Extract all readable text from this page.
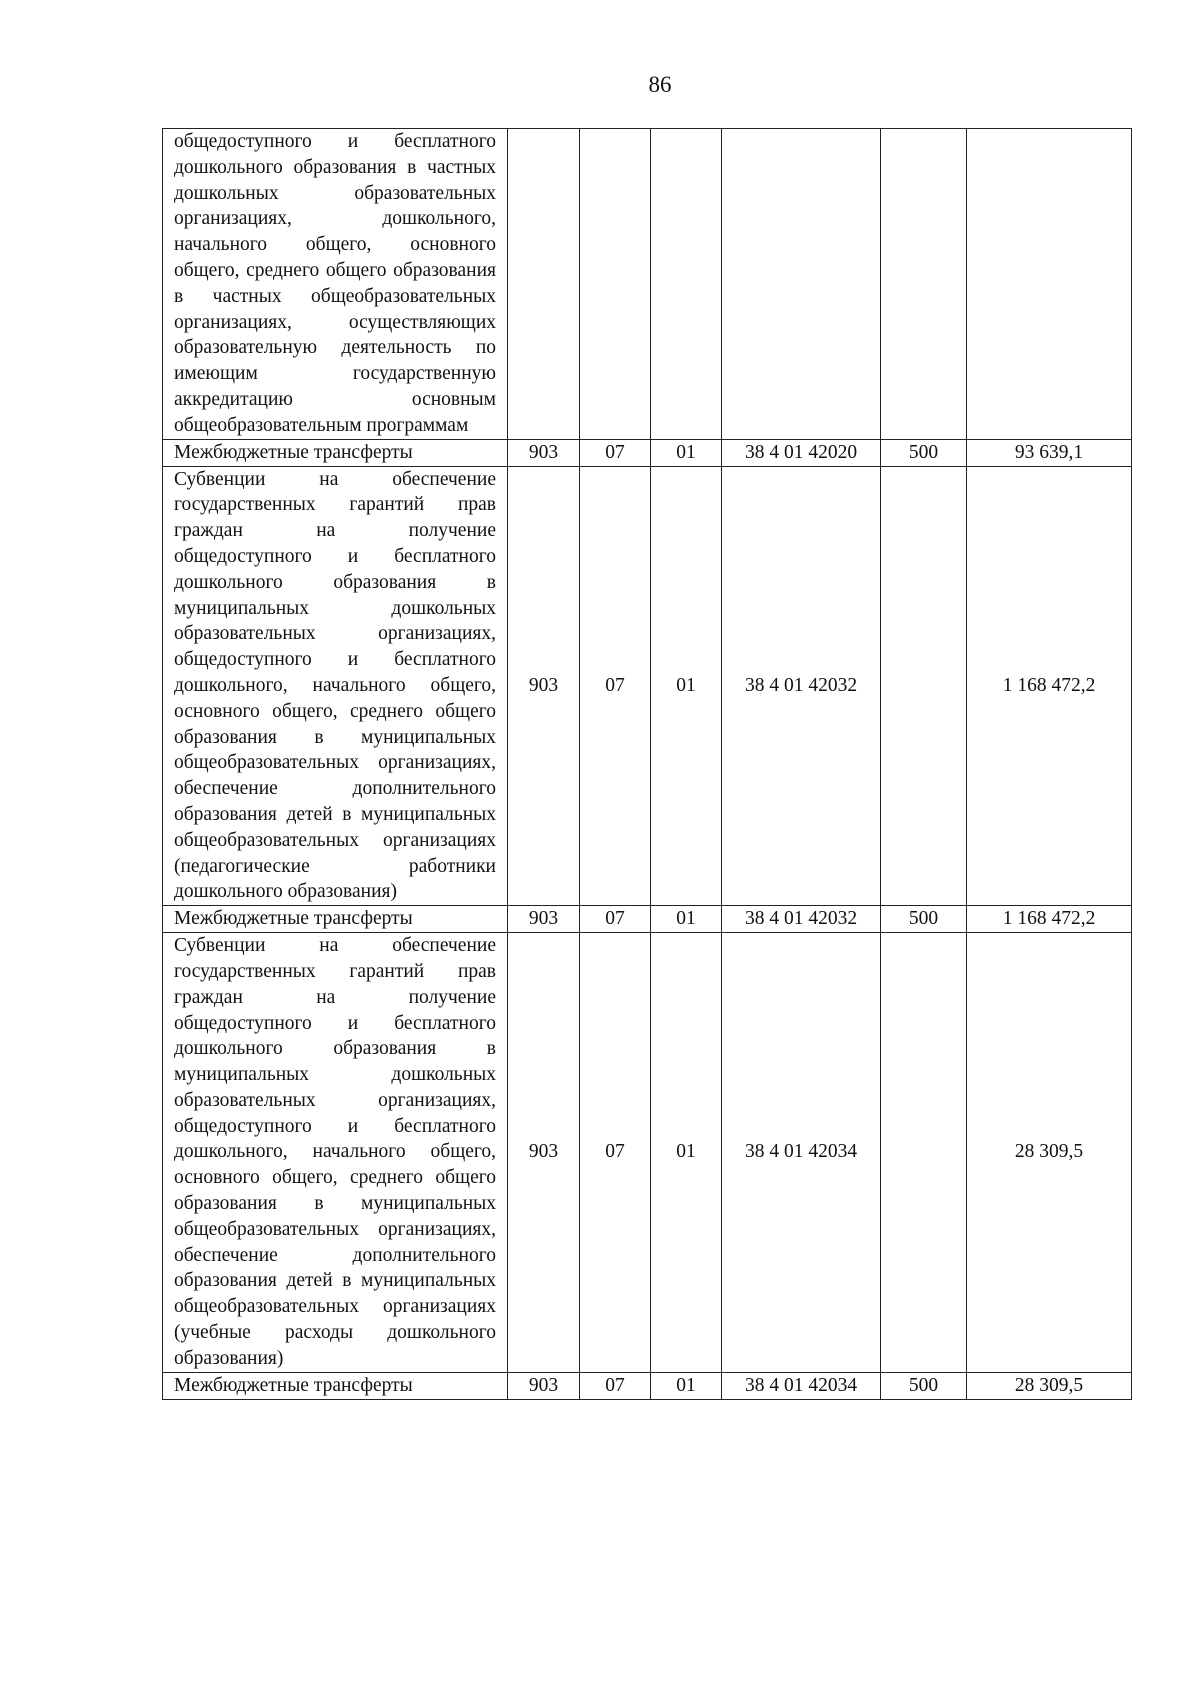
86
общедоступного и бесплатного дошкольного образования в частных дошкольных образовательных организациях, дошкольного, начального общего, основного общего, среднего общего образования в частных общеобразовательных организациях, осуществляющих образовательную деятельность по имеющим государственную аккредитацию основным общеобразовательным программам						
Межбюджетные трансферты	903	07	01	38 4 01 42020	500	93 639,1
Субвенции на обеспечение государственных гарантий прав граждан на получение общедоступного и бесплатного дошкольного образования в муниципальных дошкольных образовательных организациях, общедоступного и бесплатного дошкольного, начального общего, основного общего, среднего общего образования в муниципальных общеобразовательных организациях, обеспечение дополнительного образования детей в муниципальных общеобразовательных организациях (педагогические работники дошкольного образования)	903	07	01	38 4 01 42032		1 168 472,2
Межбюджетные трансферты	903	07	01	38 4 01 42032	500	1 168 472,2
Субвенции на обеспечение государственных гарантий прав граждан на получение общедоступного и бесплатного дошкольного образования в муниципальных дошкольных образовательных организациях, общедоступного и бесплатного дошкольного, начального общего, основного общего, среднего общего образования в муниципальных общеобразовательных организациях, обеспечение дополнительного образования детей в муниципальных общеобразовательных организациях (учебные расходы дошкольного образования)	903	07	01	38 4 01 42034		28 309,5
Межбюджетные трансферты	903	07	01	38 4 01 42034	500	28 309,5
